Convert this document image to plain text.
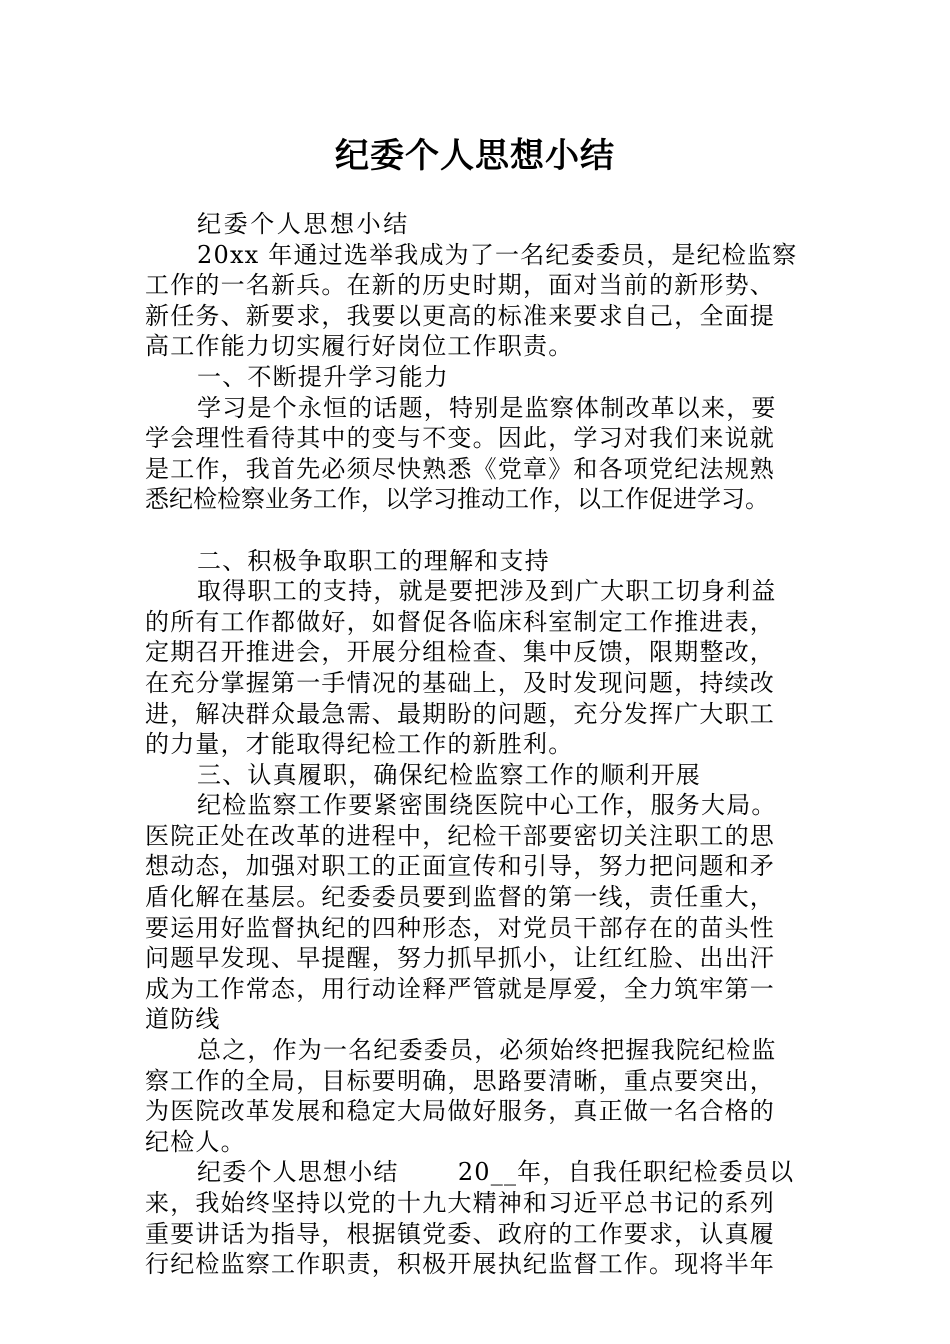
纪委个人思想小结
纪委个人思想小结
20xx 年通过选举我成为了一名纪委委员，是纪检监察
工作的一名新兵。在新的历史时期，面对当前的新形势、
新任务、新要求，我要以更高的标准来要求自己，全面提
高工作能力切实履行好岗位工作职责。
一、不断提升学习能力
学习是个永恒的话题，特别是监察体制改革以来，要
学会理性看待其中的变与不变。因此，学习对我们来说就
是工作，我首先必须尽快熟悉《党章》和各项党纪法规熟
悉纪检检察业务工作，以学习推动工作，以工作促进学习。
二、积极争取职工的理解和支持
取得职工的支持，就是要把涉及到广大职工切身利益
的所有工作都做好，如督促各临床科室制定工作推进表，
定期召开推进会，开展分组检查、集中反馈，限期整改，
在充分掌握第一手情况的基础上，及时发现问题，持续改
进，解决群众最急需、最期盼的问题，充分发挥广大职工
的力量，才能取得纪检工作的新胜利。
三、认真履职，确保纪检监察工作的顺利开展
纪检监察工作要紧密围绕医院中心工作，服务大局。
医院正处在改革的进程中，纪检干部要密切关注职工的思
想动态，加强对职工的正面宣传和引导，努力把问题和矛
盾化解在基层。纪委委员要到监督的第一线，责任重大，
要运用好监督执纪的四种形态，对党员干部存在的苗头性
问题早发现、早提醒，努力抓早抓小，让红红脸、出出汗
成为工作常态，用行动诠释严管就是厚爱，全力筑牢第一
道防线
总之，作为一名纪委委员，必须始终把握我院纪检监
察工作的全局，目标要明确，思路要清晰，重点要突出，
为医院改革发展和稳定大局做好服务，真正做一名合格的
纪检人。
纪委个人思想小结　　 20__年，自我任职纪检委员以
来，我始终坚持以党的十九大精神和习近平总书记的系列
重要讲话为指导，根据镇党委、政府的工作要求，认真履
行纪检监察工作职责，积极开展执纪监督工作。现将半年
